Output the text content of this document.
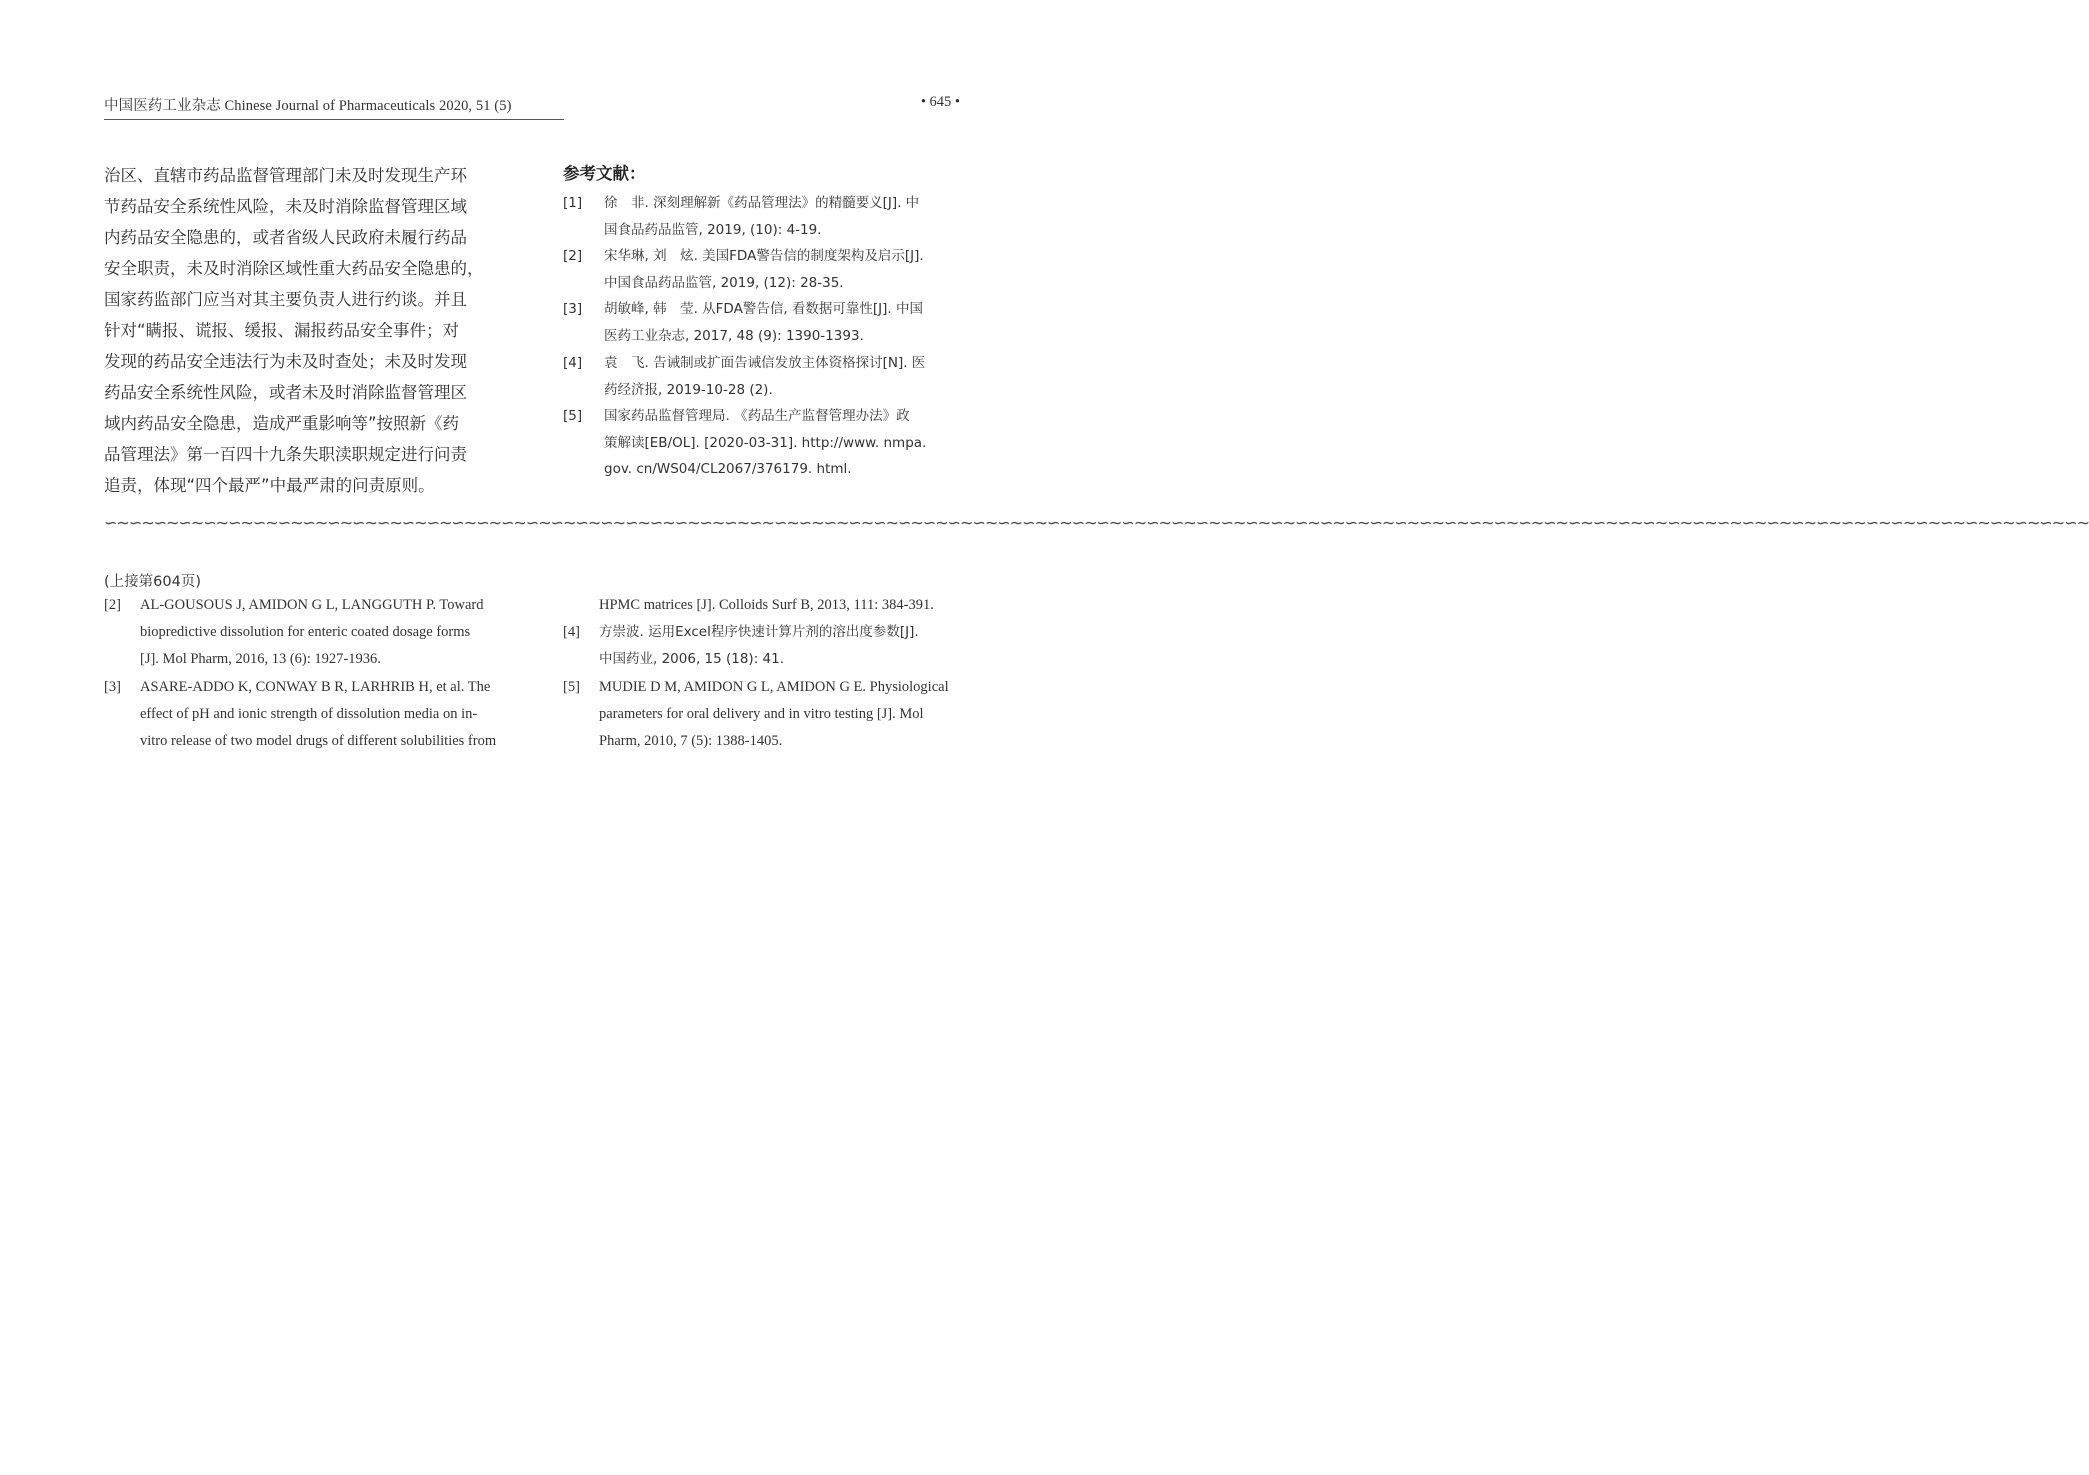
中国医药工业杂志 Chinese Journal of Pharmaceuticals 2020, 51 (5)	• 645 •
治区、直辖市药品监督管理部门未及时发现生产环
节药品安全系统性风险，未及时消除监督管理区域
内药品安全隐患的，或者省级人民政府未履行药品
安全职责，未及时消除区域性重大药品安全隐患的，
国家药监部门应当对其主要负责人进行约谈。并且
针对“瞒报、谎报、缓报、漏报药品安全事件；对
发现的药品安全违法行为未及时查处；未及时发现
药品安全系统性风险，或者未及时消除监督管理区
域内药品安全隐患，造成严重影响等”按照新《药
品管理法》第一百四十九条失职渎职规定进行问责
追责，体现“四个最严”中最严肃的问责原则。
参考文献：
[1]	徐　非. 深刻理解新《药品管理法》的精髓要义[J]. 中
国食品药品监管, 2019, (10): 4-19.
[2]	宋华琳, 刘　炫. 美国FDA警告信的制度架构及启示[J].
中国食品药品监管, 2019, (12): 28-35.
[3]	胡敏峰, 韩　莹. 从FDA警告信, 看数据可靠性[J]. 中国
医药工业杂志, 2017, 48 (9): 1390-1393.
[4]	袁　飞. 告诫制或扩面告诫信发放主体资格探讨[N]. 医
药经济报, 2019-10-28 (2).
[5]	国家药品监督管理局. 《药品生产监督管理办法》政
策解读[EB/OL]. [2020-03-31]. http://www. nmpa.
gov. cn/WS04/CL2067/376179. html.
∽∼∽∼∽∼∽∼∽∼∽∼∽∼∽∼∽∼∽∼∽∼∽∼∽∼∽∼∽∼∽∼∽∼∽∼∽∼∽∼∽∼∽∼∽∼∽∼∽∼∽∼∽∼∽∼∽∼∽∼∽∼∽∼∽∼∽∼∽∼∽∼∽∼∽∼∽∼∽∼∽∼∽∼∽∼∽∼∽∼∽∼∽∼∽∼∽∼∽∼∽∼∽∼∽∼∽∼∽∼∽∼∽∼∽∼∽∼∽∼∽∼∽∼∽∼∽∼∽∼∽∼∽∼∽∼∽∼∽∼∽∼∽∼∽∼∽∼∽∼∽∼∽∼∽∼∽∼∽∼
(上接第604页)
[2] AL-GOUSOUS J, AMIDON G L, LANGGUTH P. Toward
biopredictive dissolution for enteric coated dosage forms
[J]. Mol Pharm, 2016, 13 (6): 1927-1936.
[3] ASARE-ADDO K, CONWAY B R, LARHRIB H, et al. The
effect of pH and ionic strength of dissolution media on in-
vitro release of two model drugs of different solubilities from
HPMC matrices [J]. Colloids Surf B, 2013, 111: 384-391.
[4] 方崇波. 运用Excel程序快速计算片剂的溶出度参数[J].
中国药业, 2006, 15 (18): 41.
[5] MUDIE D M, AMIDON G L, AMIDON G E. Physiological
parameters for oral delivery and in vitro testing [J]. Mol
Pharm, 2010, 7 (5): 1388-1405.
